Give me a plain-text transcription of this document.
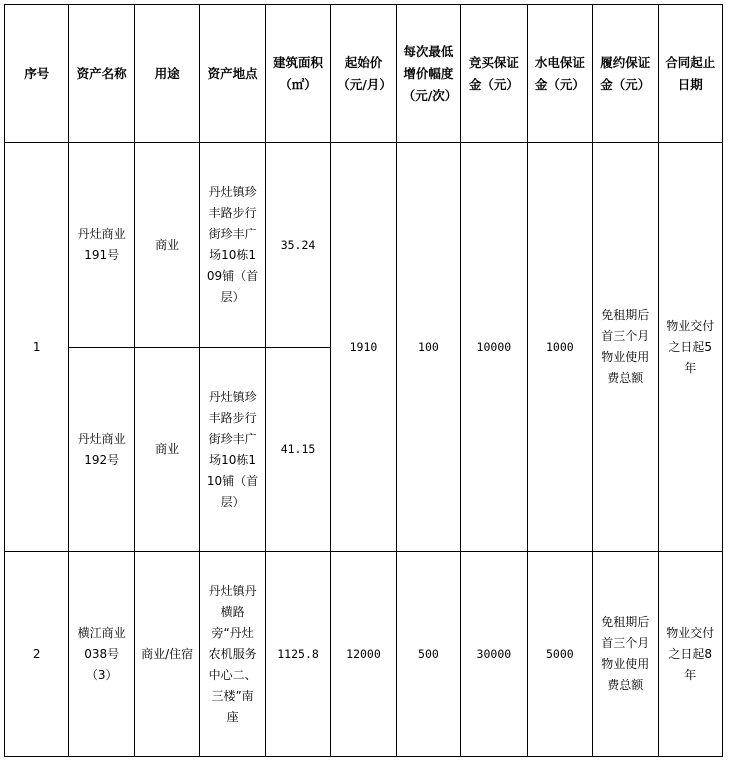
序号	资产名称	用途	资产地点	建筑面积（㎡）	起始价（元/月）	每次最低增价幅度（元/次）	竞买保证金（元）	水电保证金（元）	履约保证金（元）	合同起止日期

1	丹灶商业191号	商业	丹灶镇珍丰路步行街珍丰广场10栋109铺（首层）	35.24	1910	100	10000	1000	免租期后首三个月物业使用费总额	物业交付之日起5年

	丹灶商业192号	商业	丹灶镇珍丰路步行街珍丰广场10栋110铺（首层）	41.15						

2	横江商业038号（3）	商业/住宿	丹灶镇丹横路旁“丹灶农机服务中心二、三楼”南座	1125.8	12000	500	30000	5000	免租期后首三个月物业使用费总额	物业交付之日起8年
